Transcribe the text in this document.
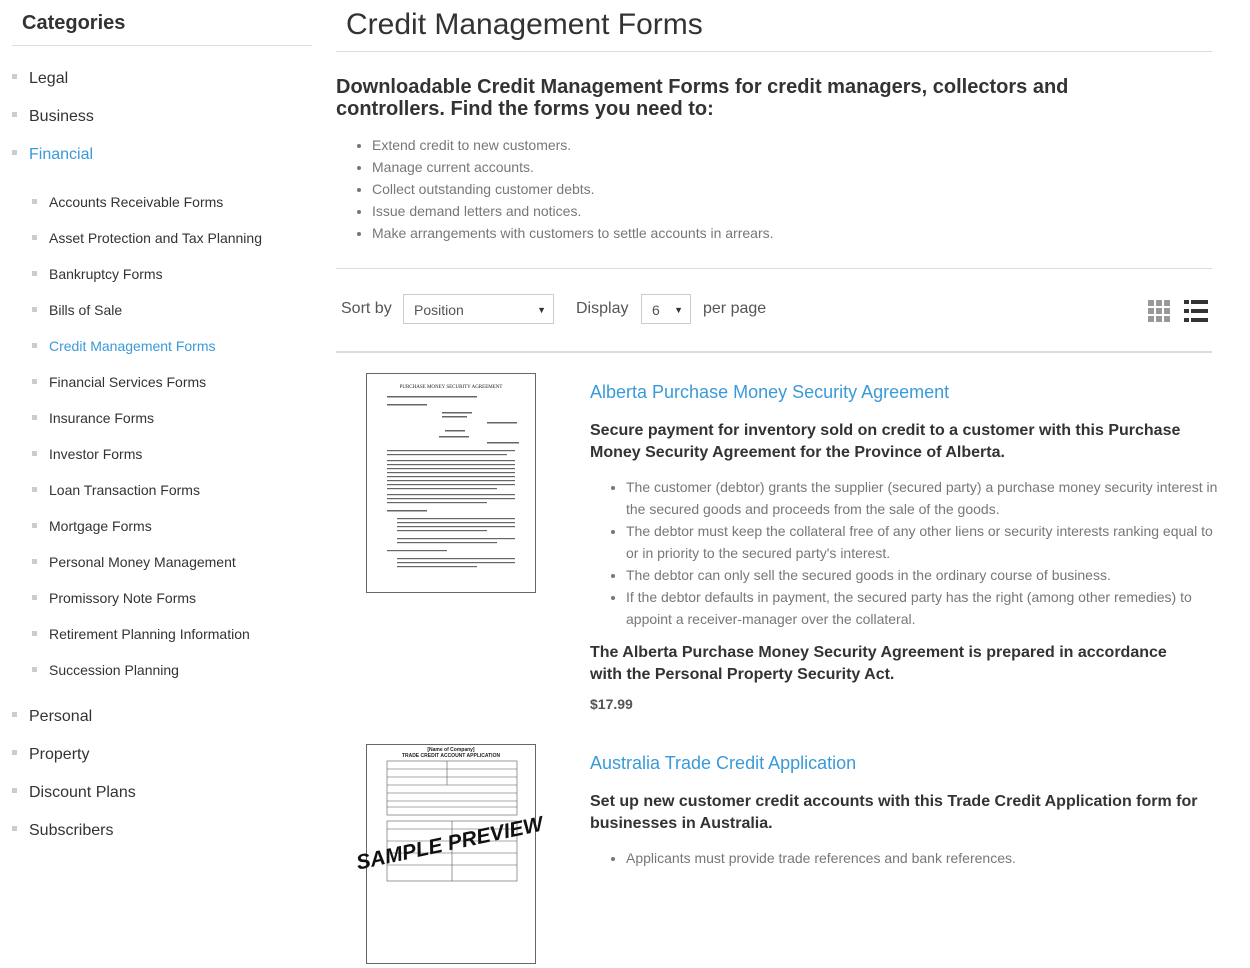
Categories
Legal
Business
Financial
Accounts Receivable Forms
Asset Protection and Tax Planning
Bankruptcy Forms
Bills of Sale
Credit Management Forms
Financial Services Forms
Insurance Forms
Investor Forms
Loan Transaction Forms
Mortgage Forms
Personal Money Management
Promissory Note Forms
Retirement Planning Information
Succession Planning
Personal
Property
Discount Plans
Subscribers
Credit Management Forms
Downloadable Credit Management Forms for credit managers, collectors and controllers. Find the forms you need to:
• Extend credit to new customers.
• Manage current accounts.
• Collect outstanding customer debts.
• Issue demand letters and notices.
• Make arrangements with customers to settle accounts in arrears.
Sort by	Position	▼ Display	6 ▼ per page
PURCHASE MONEY SECURITY AGREEMENT	Alberta Purchase Money Security Agreement
Secure payment for inventory sold on credit to a customer with this Purchase Money Security Agreement for the Province of Alberta.
• The customer (debtor) grants the supplier (secured party) a purchase money security interest in the secured goods and proceeds from the sale of the goods.
• The debtor must keep the collateral free of any other liens or security interests ranking equal to or in priority to the secured party's interest.
• The debtor can only sell the secured goods in the ordinary course of business.
• If the debtor defaults in payment, the secured party has the right (among other remedies) to appoint a receiver-manager over the collateral.
The Alberta Purchase Money Security Agreement is prepared in accordance with the Personal Property Security Act.
$17.99
[Name of Company]
TRADE CREDIT ACCOUNT APPLICATION
SAMPLE PREVIEW
Australia Trade Credit Application
Set up new customer credit accounts with this Trade Credit Application form for businesses in Australia.
• Applicants must provide trade references and bank references.
